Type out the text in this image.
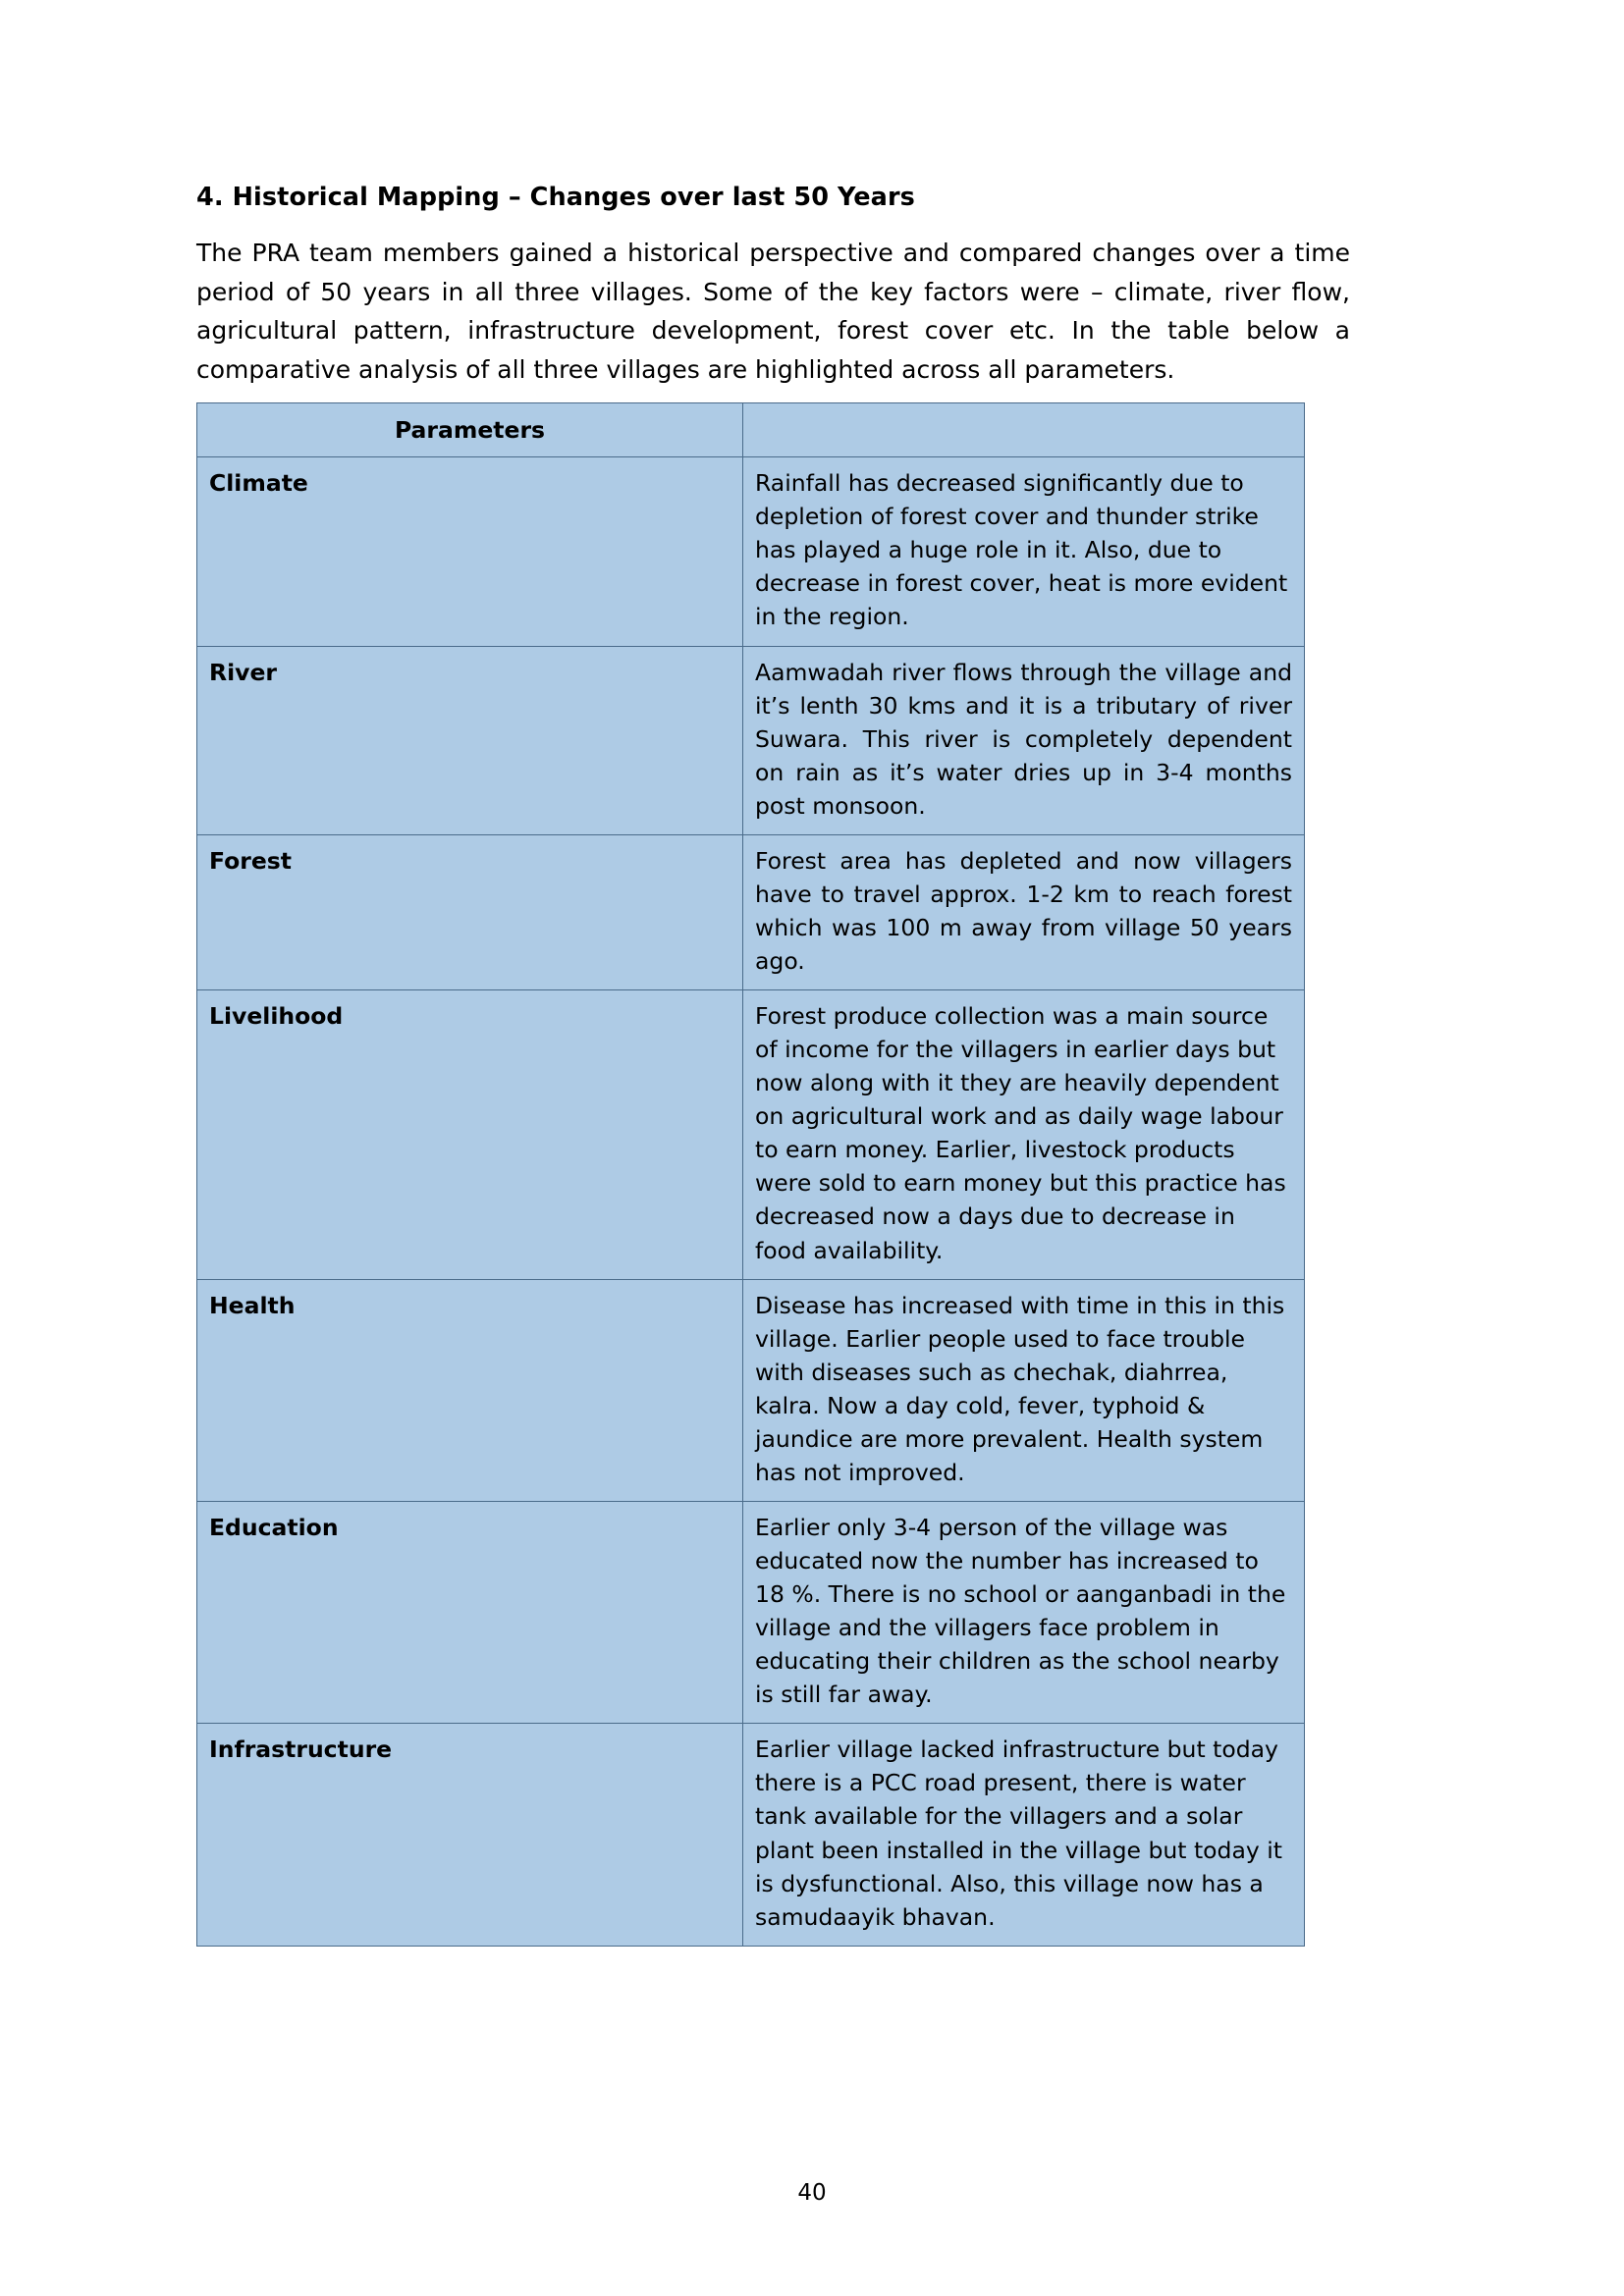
4. Historical Mapping – Changes over last 50 Years

The PRA team members gained a historical perspective and compared changes over a time period of 50 years in all three villages. Some of the key factors were – climate, river flow, agricultural pattern, infrastructure development, forest cover etc. In the table below a comparative analysis of all three villages are highlighted across all parameters.

Parameters	
Climate	Rainfall has decreased significantly due to depletion of forest cover and thunder strike has played a huge role in it. Also, due to decrease in forest cover, heat is more evident in the region.
River	Aamwadah river flows through the village and it’s lenth 30 kms and it is a tributary of river Suwara. This river is completely dependent on rain as it’s water dries up in 3-4 months post monsoon.
Forest	Forest area has depleted and now villagers have to travel approx. 1-2 km to reach forest which was 100 m away from village 50 years ago.
Livelihood	Forest produce collection was a main source of income for the villagers in earlier days but now along with it they are heavily dependent on agricultural work and as daily wage labour to earn money. Earlier, livestock products were sold to earn money but this practice has decreased now a days due to decrease in food availability.
Health	Disease has increased with time in this in this village. Earlier people used to face trouble with diseases such as chechak, diahrrea, kalra. Now a day cold, fever, typhoid & jaundice are more prevalent. Health system has not improved.
Education	Earlier only 3-4 person of the village was educated now the number has increased to 18 %. There is no school or aanganbadi in the village and the villagers face problem in educating their children as the school nearby is still far away.
Infrastructure	Earlier village lacked infrastructure but today there is a PCC road present, there is water tank available for the villagers and a solar plant been installed in the village but today it is dysfunctional. Also, this village now has a samudaayik bhavan.
40
